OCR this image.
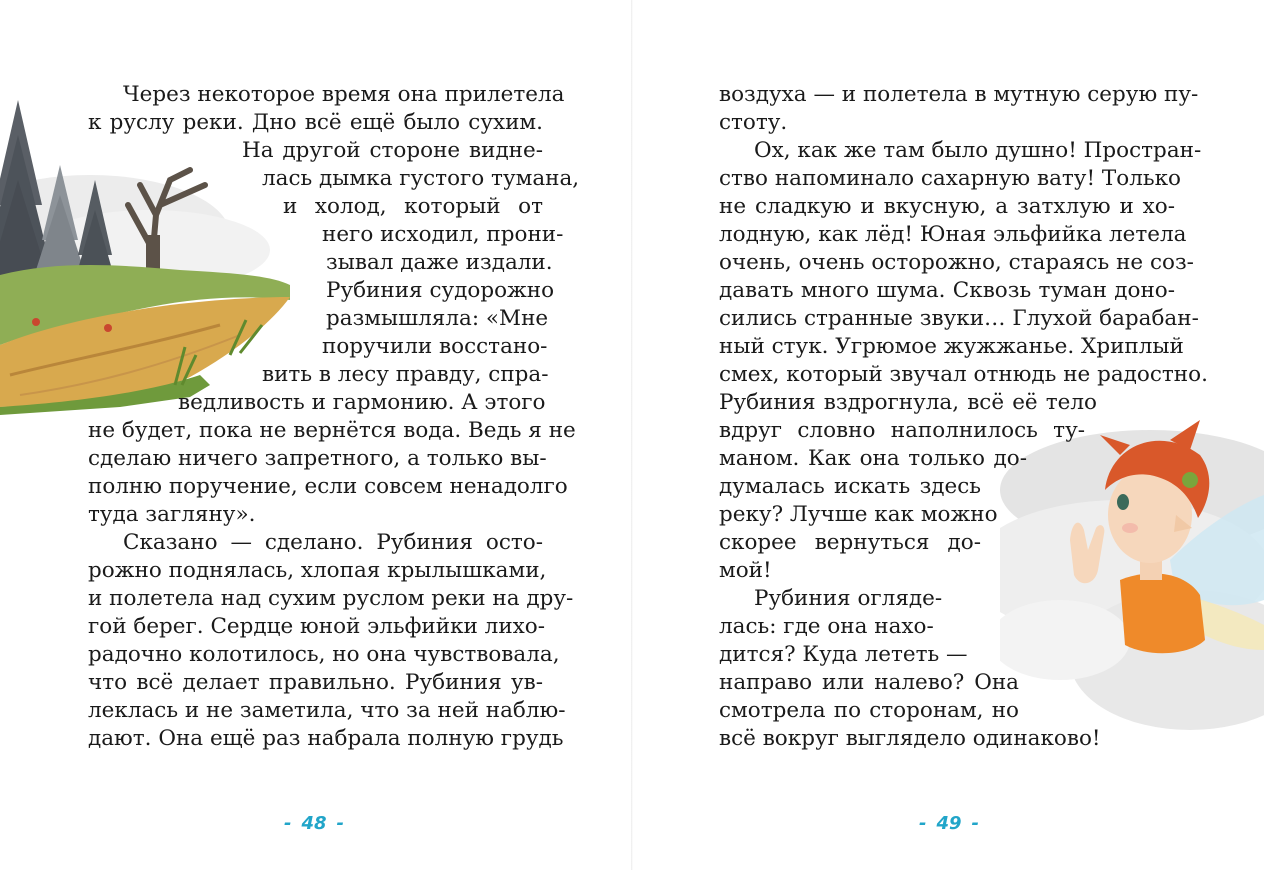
Через некоторое время она прилетела
к руслу реки. Дно всё ещё было сухим.
На другой стороне видне-
лась дымка густого тумана,
и холод, который от
него исходил, прони-
зывал даже издали.
Рубиния судорожно
размышляла: «Мне
поручили восстано-
вить в лесу правду, спра-
ведливость и гармонию. А этого
не будет, пока не вернётся вода. Ведь я не
сделаю ничего запретного, а только вы-
полню поручение, если совсем ненадолго
туда загляну».
Сказано — сделано. Рубиния осто-
рожно поднялась, хлопая крылышками,
и полетела над сухим руслом реки на дру-
гой берег. Сердце юной эльфийки лихо-
радочно колотилось, но она чувствовала,
что всё делает правильно. Рубиния ув-
леклась и не заметила, что за ней наблю-
дают. Она ещё раз набрала полную грудь
- 48 -
воздуха — и полетела в мутную серую пу-
стоту.
Ох, как же там было душно! Простран-
ство напоминало сахарную вату! Только
не сладкую и вкусную, а затхлую и хо-
лодную, как лёд! Юная эльфийка летела
очень, очень осторожно, стараясь не соз-
давать много шума. Сквозь туман доно-
сились странные звуки… Глухой барабан-
ный стук. Угрюмое жужжанье. Хриплый
смех, который звучал отнюдь не радостно.
Рубиния вздрогнула, всё её тело
вдруг словно наполнилось ту-
маном. Как она только до-
думалась искать здесь
реку? Лучше как можно
скорее вернуться до-
мой!
Рубиния огляде-
лась: где она нахо-
дится? Куда лететь —
направо или налево? Она
смотрела по сторонам, но
всё вокруг выглядело одинаково!
- 49 -
